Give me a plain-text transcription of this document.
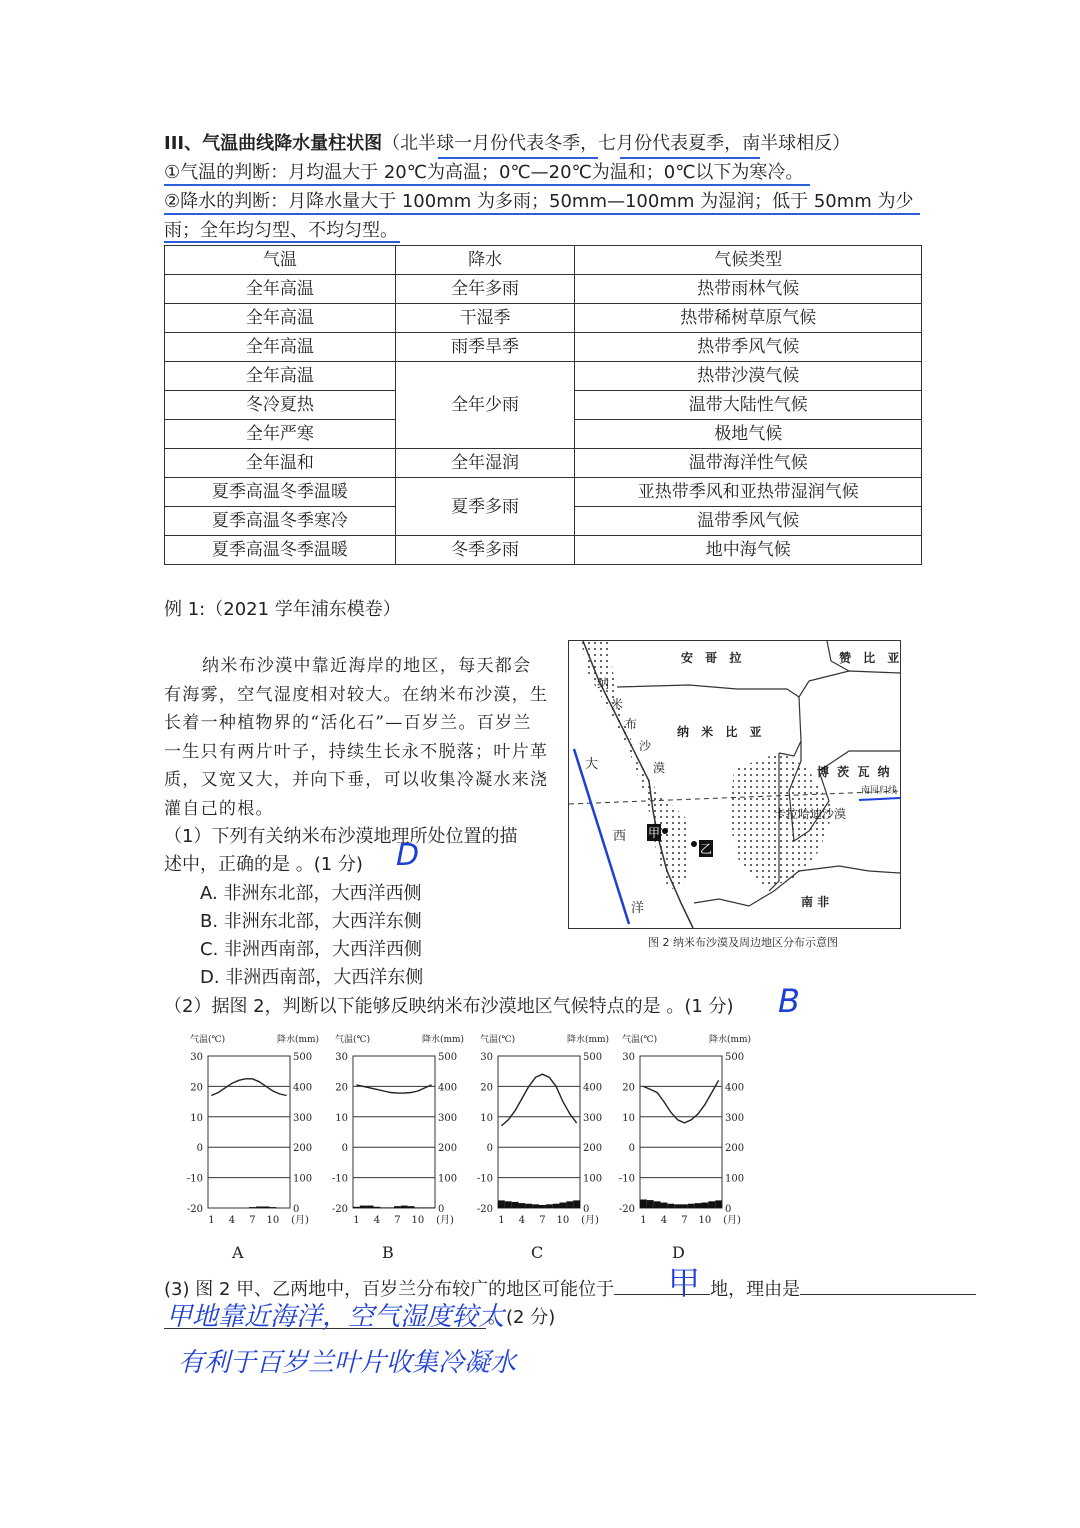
III、气温曲线降水量柱状图（北半球一月份代表冬季，七月份代表夏季，南半球相反）
①气温的判断：月均温大于 20℃为高温；0℃—20℃为温和；0℃以下为寒冷。
②降水的判断：月降水量大于 100mm 为多雨；50mm—100mm 为湿润；低于 50mm 为少
雨；全年均匀型、不均匀型。
气温	降水	气候类型
全年高温	全年多雨	热带雨林气候
全年高温	干湿季	热带稀树草原气候
全年高温	雨季旱季	热带季风气候
全年高温	全年少雨	热带沙漠气候
冬冷夏热		温带大陆性气候
全年严寒		极地气候
全年温和	全年湿润	温带海洋性气候
夏季高温冬季温暖	夏季多雨	亚热带季风和亚热带湿润气候
夏季高温冬季寒冷		温带季风气候
夏季高温冬季温暖	冬季多雨	地中海气候
例 1:（2021 学年浦东模卷）
纳米布沙漠中靠近海岸的地区，每天都会有海雾，空气湿度相对较大。在纳米布沙漠，生长着一种植物界的“活化石”—百岁兰。百岁兰一生只有两片叶子，持续生长永不脱落；叶片革质，又宽又大，并向下垂，可以收集冷凝水来浇灌自己的根。
（1）下列有关纳米布沙漠地理所处位置的描
述中，正确的是 。(1 分) D
A. 非洲东北部，大西洋西侧
B. 非洲东北部，大西洋东侧
C. 非洲西南部，大西洋西侧
D. 非洲西南部，大西洋东侧
（2）据图 2，判断以下能够反映纳米布沙漠地区气候特点的是 。(1 分) B
安 哥 拉	赞 比 亚
纳 米 比 亚
博 茨 瓦 纳
纳
米
布
沙
漠
卡拉哈迪沙漠
南回归线
大
西
洋
甲
乙
南 非
图 2 纳米布沙漠及周边地区分布示意图
气温(℃)	降水(mm)
30	500
20	400
10	300
0	200
-10	100
-20	0
1 4 7 10 (月)
气温(℃)	降水(mm)
30	500
20	400
10	300
0	200
-10	100
-20	0
1 4 7 10 (月)
气温(℃)	降水(mm)
30	500
20	400
10	300
0	200
-10	100
-20	0
1 4 7 10 (月)
气温(℃)	降水(mm)
30	500
20	400
10	300
0	200
-10	100
-20	0
1 4 7 10 (月)
A	B	C	D
(3) 图 2 甲、乙两地中，百岁兰分布较广的地区可能位于	地，理由是
甲
。(2 分)
甲地靠近海洋，空气湿度较大
有利于百岁兰叶片收集冷凝水
